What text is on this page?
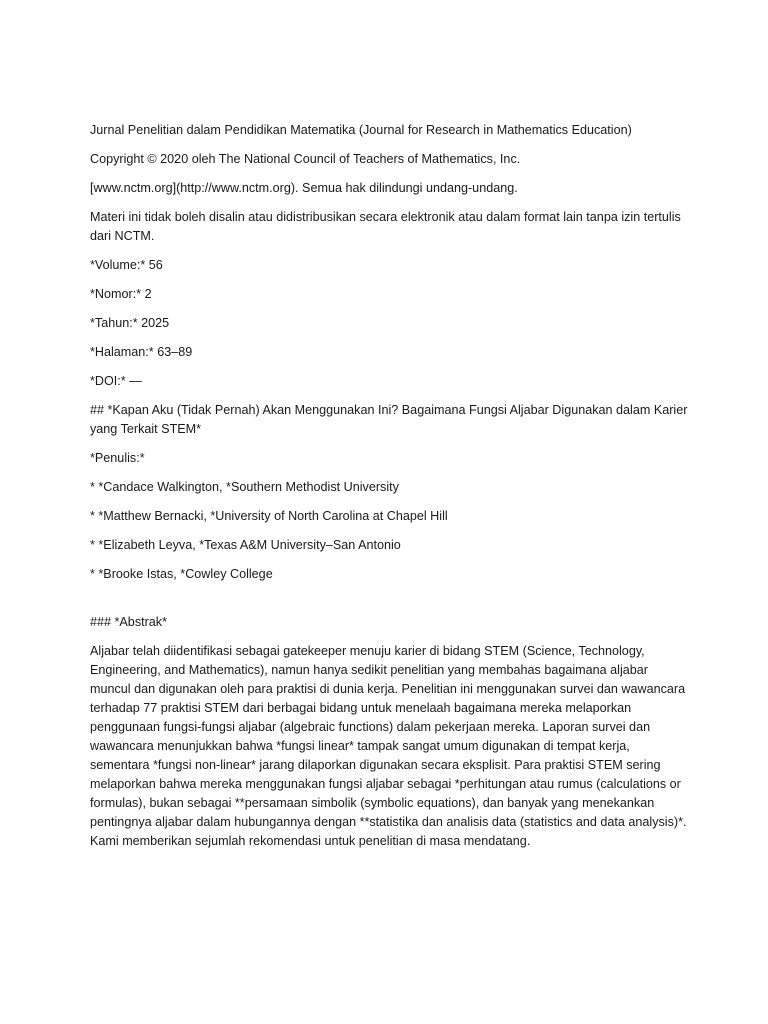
Jurnal Penelitian dalam Pendidikan Matematika (Journal for Research in Mathematics Education)

Copyright © 2020 oleh The National Council of Teachers of Mathematics, Inc.

[www.nctm.org](http://www.nctm.org). Semua hak dilindungi undang-undang.

Materi ini tidak boleh disalin atau didistribusikan secara elektronik atau dalam format lain tanpa izin tertulis dari NCTM.

*Volume:* 56

*Nomor:* 2

*Tahun:* 2025

*Halaman:* 63–89

*DOI:* —

## *Kapan Aku (Tidak Pernah) Akan Menggunakan Ini? Bagaimana Fungsi Aljabar Digunakan dalam Karier yang Terkait STEM*

*Penulis:*

* *Candace Walkington, *Southern Methodist University

* *Matthew Bernacki, *University of North Carolina at Chapel Hill

* *Elizabeth Leyva, *Texas A&M University–San Antonio

* *Brooke Istas, *Cowley College

### *Abstrak*

Aljabar telah diidentifikasi sebagai gatekeeper menuju karier di bidang STEM (Science, Technology, Engineering, and Mathematics), namun hanya sedikit penelitian yang membahas bagaimana aljabar muncul dan digunakan oleh para praktisi di dunia kerja. Penelitian ini menggunakan survei dan wawancara terhadap 77 praktisi STEM dari berbagai bidang untuk menelaah bagaimana mereka melaporkan penggunaan fungsi-fungsi aljabar (algebraic functions) dalam pekerjaan mereka. Laporan survei dan wawancara menunjukkan bahwa *fungsi linear* tampak sangat umum digunakan di tempat kerja, sementara *fungsi non-linear* jarang dilaporkan digunakan secara eksplisit. Para praktisi STEM sering melaporkan bahwa mereka menggunakan fungsi aljabar sebagai *perhitungan atau rumus (calculations or formulas), bukan sebagai **persamaan simbolik (symbolic equations), dan banyak yang menekankan pentingnya aljabar dalam hubungannya dengan **statistika dan analisis data (statistics and data analysis)*. Kami memberikan sejumlah rekomendasi untuk penelitian di masa mendatang.
